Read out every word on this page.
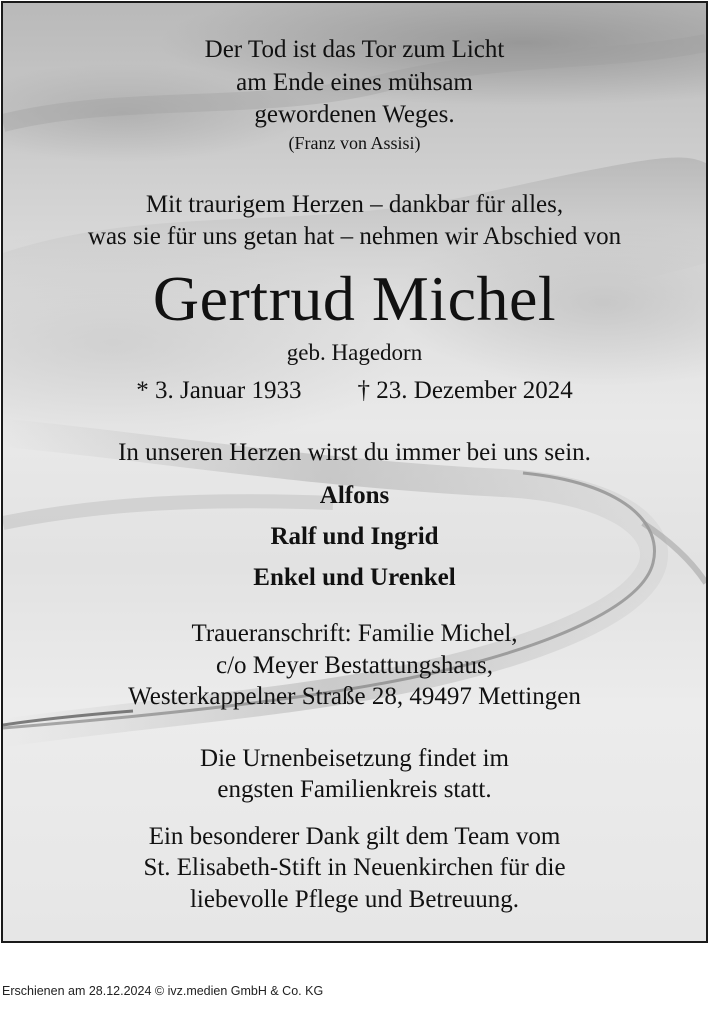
Der Tod ist das Tor zum Licht
am Ende eines mühsam
gewordenen Weges.
(Franz von Assisi)
Mit traurigem Herzen – dankbar für alles,
was sie für uns getan hat – nehmen wir Abschied von
Gertrud Michel
geb. Hagedorn
* 3. Januar 1933 † 23. Dezember 2024
In unseren Herzen wirst du immer bei uns sein.
Alfons
Ralf und Ingrid
Enkel und Urenkel
Traueranschrift: Familie Michel,
c/o Meyer Bestattungshaus,
Westerkappelner Straße 28, 49497 Mettingen
Die Urnenbeisetzung findet im
engsten Familienkreis statt.
Ein besonderer Dank gilt dem Team vom
St. Elisabeth-Stift in Neuenkirchen für die
liebevolle Pflege und Betreuung.
Erschienen am 28.12.2024 © ivz.medien GmbH & Co. KG
